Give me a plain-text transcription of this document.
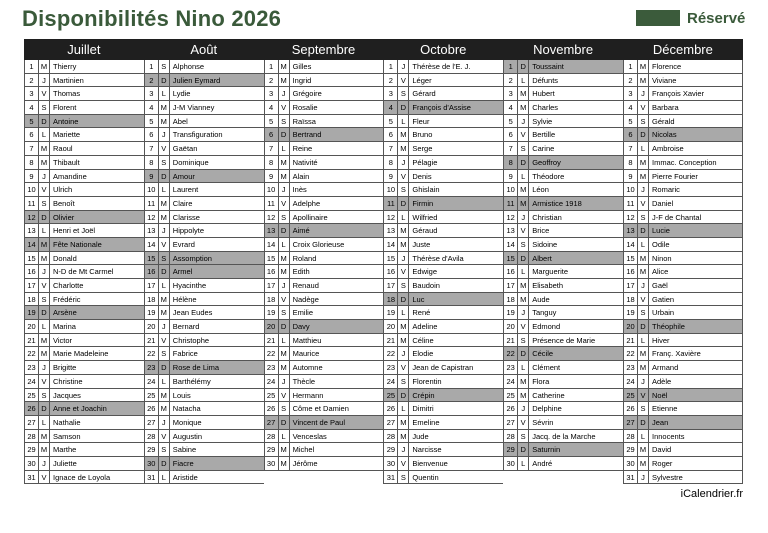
Disponibilités Nino 2026	Réservé
Juillet
1 M Thierry
2	J Martinien
3	V Thomas
4	S Florent
5	D Antoine
6	L Mariette
7 M Raoul
8 M Thibault
9	J Amandine
10 V Ulrich
11 S Benoît
12 D Olivier
13 L Henri et Joël
14 M Fête Nationale
15 M Donald
16 J N-D de Mt Carmel
17 V Charlotte
18 S Frédéric
19 D Arsène
20 L Marina
21 M Victor
22 M Marie Madeleine
23 J Brigitte
24 V Christine
25 S Jacques
26 D Anne et Joachin
27 L Nathalie
28 M Samson
29 M Marthe
30 J Juliette
31 V Ignace de Loyola
Août
1	S Alphonse
2	D Julien Eymard
3	L Lydie
4 M J-M Vianney
5 M Abel
6	J Transfiguration
7	V Gaëtan
8	S Dominique
9	D Amour
10 L Laurent
11 M Claire
12 M Clarisse
13 J Hippolyte
14 V Evrard
15 S Assomption
16 D Armel
17 L Hyacinthe
18 M Hélène
19 M Jean Eudes
20 J Bernard
21 V Christophe
22 S Fabrice
23 D Rose de Lima
24 L Barthélémy
25 M Louis
26 M Natacha
27 J Monique
28 V Augustin
29 S Sabine
30 D Fiacre
31 L Aristide
Septembre
1 M Gilles
2 M Ingrid
3	J Grégoire
4	V Rosalie
5	S Raïssa
6	D Bertrand
7	L Reine
8 M Nativité
9 M Alain
10 J Inès
11 V Adelphe
12 S Apollinaire
13 D Aimé
14 L Croix Glorieuse
15 M Roland
16 M Edith
17 J Renaud
18 V Nadège
19 S Emilie
20 D Davy
21 L Matthieu
22 M Maurice
23 M Automne
24 J Thècle
25 V Hermann
26 S Côme et Damien
27 D Vincent de Paul
28 L Venceslas
29 M Michel
30 M Jérôme
Octobre
1	J Thérèse de l'E. J.
2	V Léger
3	S Gérard
4	D François d'Assise
5	L Fleur
6 M Bruno
7 M Serge
8	J Pélagie
9	V Denis
10 S Ghislain
11 D Firmin
12 L Wilfried
13 M Géraud
14 M Juste
15 J Thérèse d'Avila
16 V Edwige
17 S Baudoin
18 D Luc
19 L René
20 M Adeline
21 M Céline
22 J Elodie
23 V Jean de Capistran
24 S Florentin
25 D Crépin
26 L Dimitri
27 M Emeline
28 M Jude
29 J Narcisse
30 V Bienvenue
31 S Quentin
Novembre
1	D Toussaint
2	L Défunts
3 M Hubert
4 M Charles
5	J Sylvie
6	V Bertille
7	S Carine
8	D Geoffroy
9	L Théodore
10 M Léon
11 M Armistice 1918
12 J Christian
13 V Brice
14 S Sidoine
15 D Albert
16 L Marguerite
17 M Elisabeth
18 M Aude
19 J Tanguy
20 V Edmond
21 S Présence de Marie
22 D Cécile
23 L Clément
24 M Flora
25 M Catherine
26 J Delphine
27 V Sévrin
28 S Jacq. de la Marche
29 D Saturnin
30 L André
Décembre
1 M Florence
2 M Viviane
3	J François Xavier
4	V Barbara
5	S Gérald
6	D Nicolas
7	L Ambroise
8 M Immac. Conception
9 M Pierre Fourier
10 J Romaric
11 V Daniel
12 S J-F de Chantal
13 D Lucie
14 L Odile
15 M Ninon
16 M Alice
17 J Gaël
18 V Gatien
19 S Urbain
20 D Théophile
21 L Hiver
22 M Franç. Xavière
23 M Armand
24 J Adèle
25 V Noël
26 S Etienne
27 D Jean
28 L Innocents
29 M David
30 M Roger
31 J Sylvestre
iCalendrier.fr
